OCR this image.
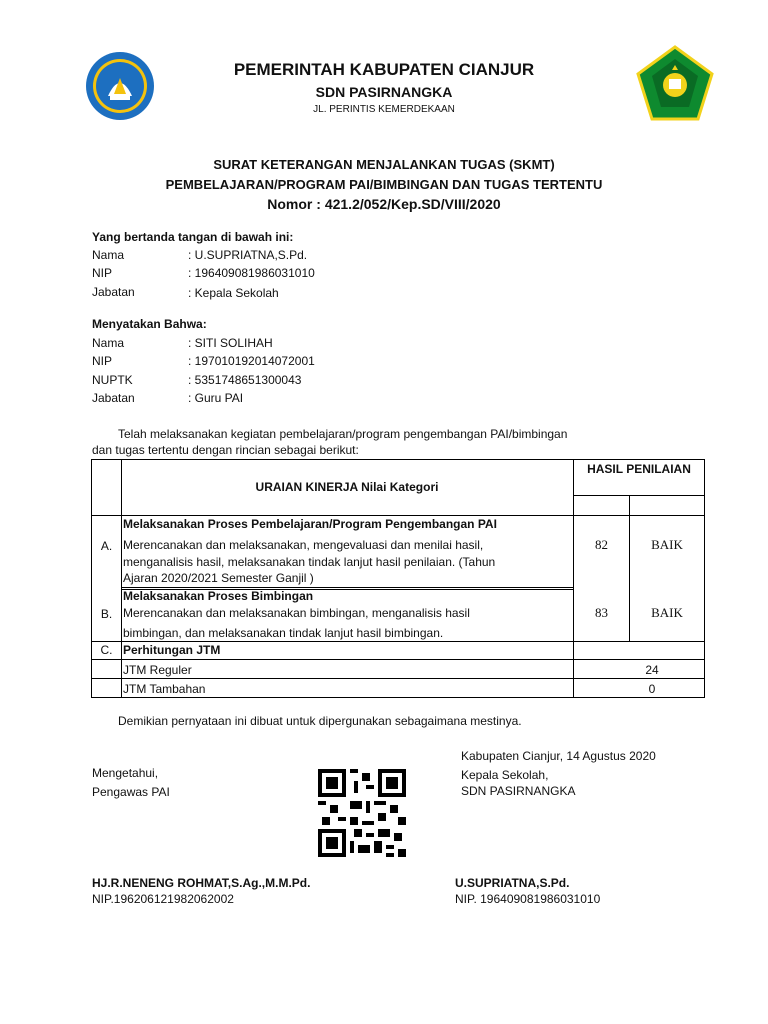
PEMERINTAH KABUPATEN CIANJUR
SDN PASIRNANGKA
JL. PERINTIS KEMERDEKAAN
SURAT KETERANGAN MENJALANKAN TUGAS (SKMT)
PEMBELAJARAN/PROGRAM PAI/BIMBINGAN DAN TUGAS TERTENTU
Nomor : 421.2/052/Kep.SD/VIII/2020
Yang bertanda tangan di bawah ini:
Nama	: U.SUPRIATNA,S.Pd.
NIP	: 196409081986031010
Jabatan	: Kepala Sekolah
Menyatakan Bahwa:
Nama	: SITI SOLIHAH
NIP	: 197010192014072001
NUPTK	: 5351748651300043
Jabatan	: Guru PAI
Telah melaksanakan kegiatan pembelajaran/program pengembangan PAI/bimbingan
dan tugas tertentu dengan rincian sebagai berikut:
URAIAN KINERJA Nilai Kategori
HASIL PENILAIAN
A.
Melaksanakan Proses Pembelajaran/Program Pengembangan PAI
Merencanakan dan melaksanakan, mengevaluasi dan menilai hasil,
menganalisis hasil, melaksanakan tindak lanjut hasil penilaian. (Tahun
Ajaran 2020/2021 Semester Ganjil )
82	BAIK
B.
Melaksanakan Proses Bimbingan
Merencanakan dan melaksanakan bimbingan, menganalisis hasil
bimbingan, dan melaksanakan tindak lanjut hasil bimbingan.
83	BAIK
C. Perhitungan JTM
JTM Reguler	24
JTM Tambahan	0
Demikian pernyataan ini dibuat untuk dipergunakan sebagaimana mestinya.
Kabupaten Cianjur, 14 Agustus 2020
Kepala Sekolah,
SDN PASIRNANGKA
Mengetahui,
Pengawas PAI
HJ.R.NENENG ROHMAT,S.Ag.,M.M.Pd.
NIP.196206121982062002
U.SUPRIATNA,S.Pd.
NIP. 196409081986031010
